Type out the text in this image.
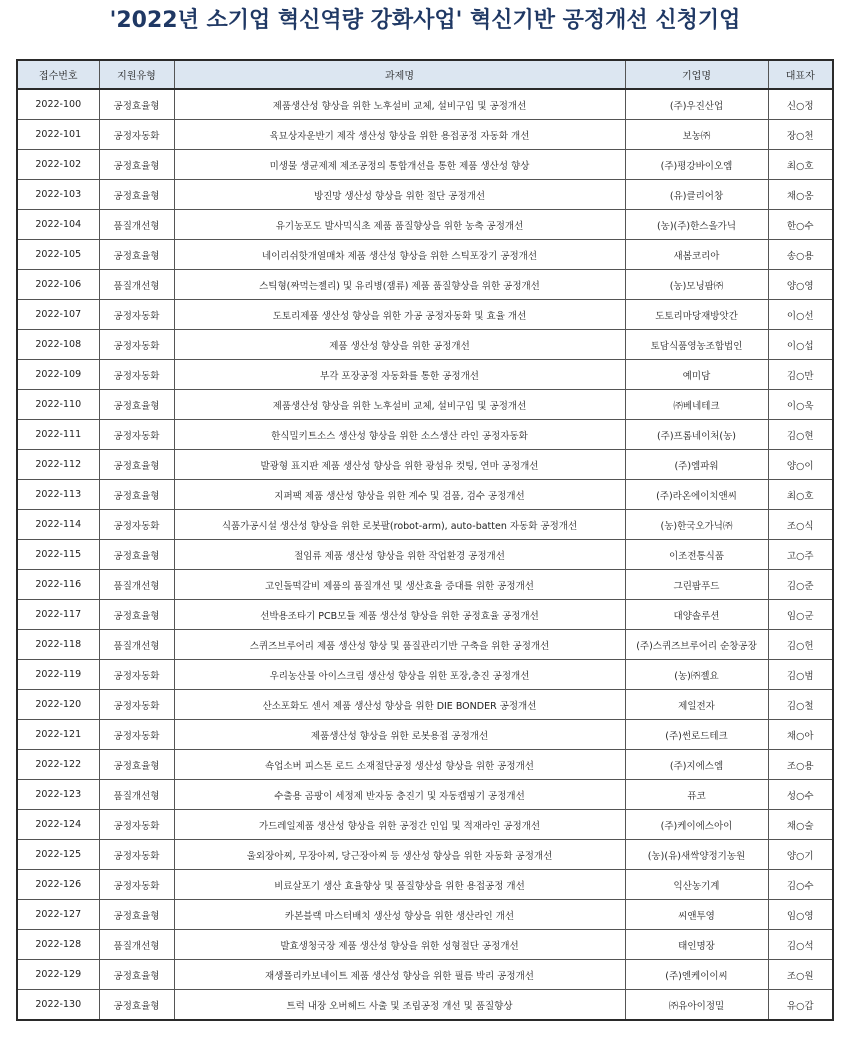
'2022년 소기업 혁신역량 강화사업' 혁신기반 공정개선 신청기업
접수번호	지원유형	과제명	기업명	대표자
2022-100	공정효율형	제품생산성 향상을 위한 노후설비 교체, 설비구입 및 공정개선	(주)우진산업	신○정
2022-101	공정자동화	육묘상자운반기 제작 생산성 향상을 위한 용접공정 자동화 개선	보농㈜	장○천
2022-102	공정효율형	미생물 생균제제 제조공정의 통합개선을 통한 제품 생산성 향상	(주)평강바이오엠	최○호
2022-103	공정효율형	방진망 생산성 향상을 위한 절단 공정개선	(유)클리어창	채○옹
2022-104	품질개선형	유기농포도 발사믹식초 제품 품질향상을 위한 농축 공정개선	(농)(주)한스올가닉	한○수
2022-105	공정효율형	네이리쉬핫개열매차 제품 생산성 향상을 위한 스틱포장기 공정개선	새봄코리아	송○용
2022-106	품질개선형	스틱형(짜먹는젤리) 및 유리병(잼류) 제품 품질향상을 위한 공정개선	(농)모닝팜㈜	양○영
2022-107	공정자동화	도토리제품 생산성 향상을 위한 가공 공정자동화 및 효율 개선	도토리마당재방앗간	이○선
2022-108	공정자동화	제품 생산성 향상을 위한 공정개선	토담식품영농조합법인	이○섭
2022-109	공정자동화	부각 포장공정 자동화를 통한 공정개선	예미담	김○만
2022-110	공정효율형	제품생산성 향상을 위한 노후설비 교체, 설비구입 및 공정개선	㈜베네테크	이○욱
2022-111	공정자동화	한식밀키트소스 생산성 향상을 위한 소스생산 라인 공정자동화	(주)프롬네이처(농)	김○현
2022-112	공정효율형	발광형 표지판 제품 생산성 향상을 위한 광섬유 컷팅, 연마 공정개선	(주)엠파워	양○이
2022-113	공정효율형	지퍼팩 제품 생산성 향상을 위한 계수 및 검품, 검수 공정개선	(주)라온에이치앤씨	최○호
2022-114	공정자동화	식품가공시설 생산성 향상을 위한 로봇팔(robot-arm), auto-batten 자동화 공정개선	(농)한국오가닉㈜	조○식
2022-115	공정효율형	절임류 제품 생산성 향상을 위한 작업환경 공정개선	이조전통식품	고○주
2022-116	품질개선형	고인돌떡갈비 제품의 품질개선 및 생산효율 증대를 위한 공정개선	그린팜푸드	김○준
2022-117	공정효율형	선박용조타기 PCB모듈 제품 생산성 향상을 위한 공정효율 공정개선	대양솔루션	임○군
2022-118	품질개선형	스퀴즈브루어리 제품 생산성 향상 및 품질관리기반 구축을 위한 공정개선	(주)스퀴즈브루어리 순창공장	김○헌
2022-119	공정자동화	우리농산물 아이스크림 생산성 향상을 위한 포장,충진 공정개선	(농)㈜젤요	김○범
2022-120	공정자동화	산소포화도 센서 제품 생산성 향상을 위한 DIE BONDER 공정개선	제일전자	김○철
2022-121	공정자동화	제품생산성 향상을 위한 로봇용접 공정개선	(주)썬로드테크	채○아
2022-122	공정효율형	쇽업소버 피스톤 로드 소재절단공정 생산성 향상을 위한 공정개선	(주)지에스엠	조○용
2022-123	품질개선형	수출용 곰팡이 세정제 반자동 충진기 및 자동캡핑기 공정개선	퓨코	성○수
2022-124	공정자동화	가드레일제품 생산성 향상을 위한 공정간 인입 및 적재라인 공정개선	(주)케이에스아이	채○술
2022-125	공정자동화	울외장아찌, 무장아찌, 당근장아찌 등 생산성 향상을 위한 자동화 공정개선	(농)(유)새싹양정기농원	양○기
2022-126	공정자동화	비료살포기 생산 효율향상 및 품질향상을 위한 용접공정 개선	익산농기계	김○수
2022-127	공정효율형	카본블랙 마스터배치 생산성 향상을 위한 생산라인 개선	씨앤투영	임○영
2022-128	품질개선형	발효생청국장 제품 생산성 향상을 위한 성형절단 공정개선	태인명장	김○석
2022-129	공정효율형	재생폴리카보네이트 제품 생산성 향상을 위한 필름 박리 공정개선	(주)엔케이이씨	조○원
2022-130	공정효율형	트럭 내장 오버헤드 사출 및 조립공정 개선 및 품질향상	㈜유아이정밀	유○갑
